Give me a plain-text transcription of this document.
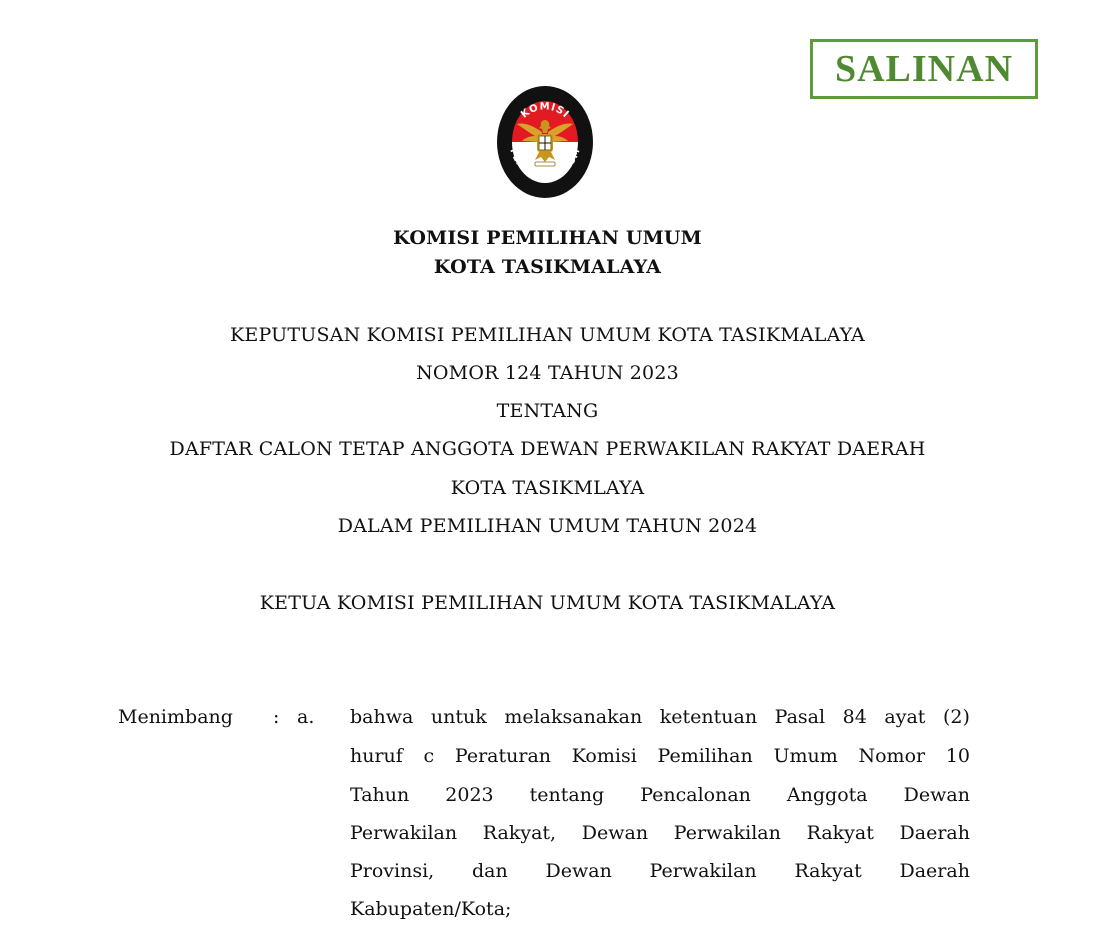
SALINAN
KOMISI
PEMILIHAN UMUM
KOMISI PEMILIHAN UMUM
KOTA TASIKMALAYA
KEPUTUSAN KOMISI PEMILIHAN UMUM KOTA TASIKMALAYA
NOMOR 124 TAHUN 2023
TENTANG
DAFTAR CALON TETAP ANGGOTA DEWAN PERWAKILAN RAKYAT DAERAH
KOTA TASIKMLAYA
DALAM PEMILIHAN UMUM TAHUN 2024
KETUA KOMISI PEMILIHAN UMUM KOTA TASIKMALAYA
Menimbang : a. bahwa untuk melaksanakan ketentuan Pasal 84 ayat (2)
huruf c Peraturan Komisi Pemilihan Umum Nomor 10
Tahun 2023 tentang Pencalonan Anggota Dewan
Perwakilan Rakyat, Dewan Perwakilan Rakyat Daerah
Provinsi, dan Dewan Perwakilan Rakyat Daerah
Kabupaten/Kota;
